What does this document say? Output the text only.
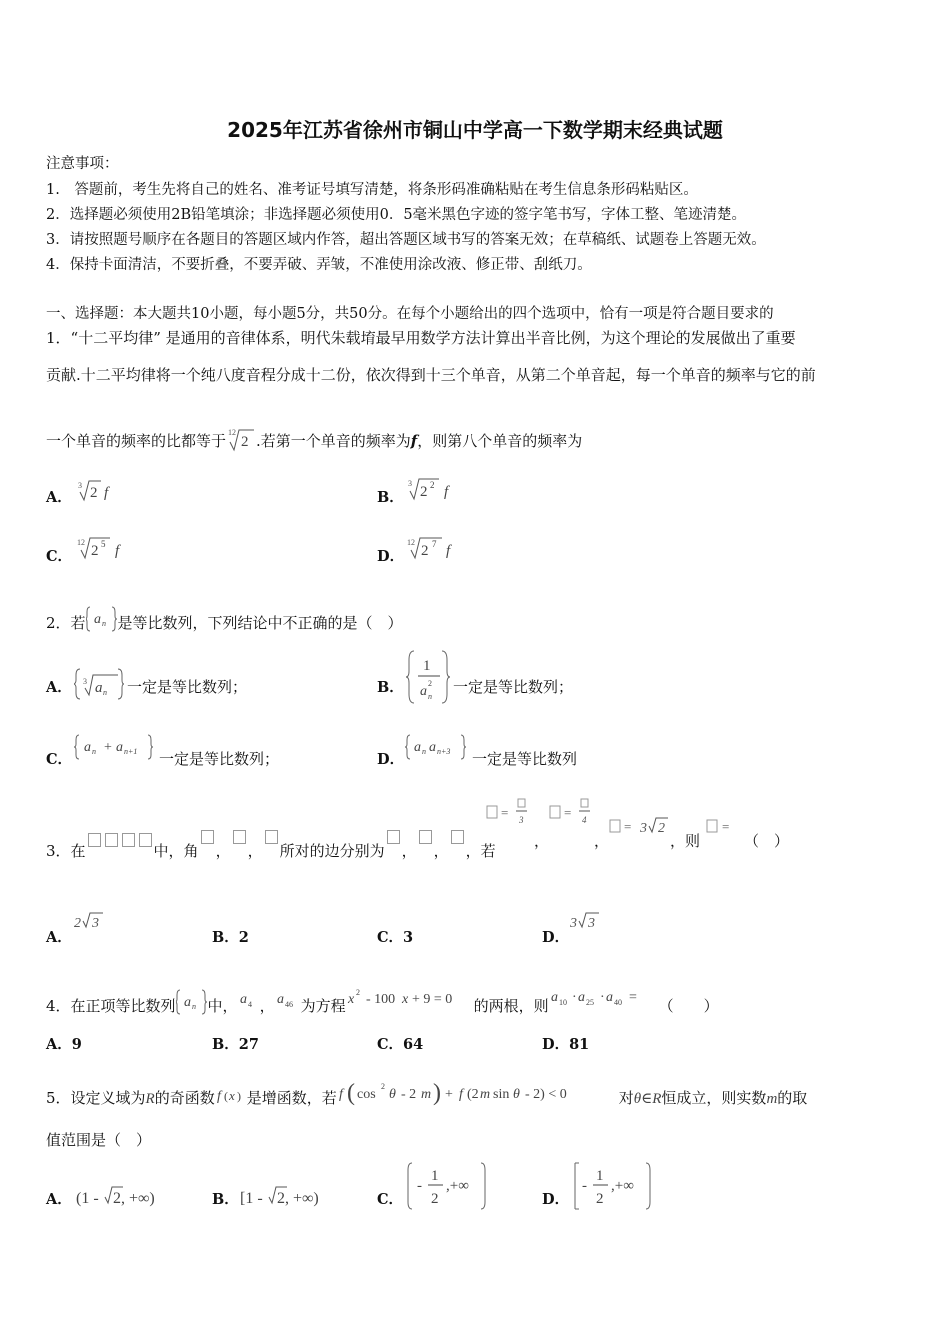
2025年江苏省徐州市铜山中学高一下数学期末经典试题
注意事项：
1.　答题前，考生先将自己的姓名、准考证号填写清楚，将条形码准确粘贴在考生信息条形码粘贴区。
2．选择题必须使用2B铅笔填涂；非选择题必须使用0．5毫米黑色字迹的签字笔书写，字体工整、笔迹清楚。
3．请按照题号顺序在各题目的答题区域内作答，超出答题区域书写的答案无效；在草稿纸、试题卷上答题无效。
4．保持卡面清洁，不要折叠，不要弄破、弄皱，不准使用涂改液、修正带、刮纸刀。
一、选择题：本大题共10小题，每小题5分，共50分。在每个小题给出的四个选项中，恰有一项是符合题目要求的
1．“十二平均律” 是通用的音律体系，明代朱载堉最早用数学方法计算出半音比例，为这个理论的发展做出了重要
贡献.十二平均律将一个纯八度音程分成十二份，依次得到十三个单音，从第二个单音起，每一个单音的频率与它的前
一个单音的频率的比都等于 12
2 .若第一个单音的频率为f，则第八个单音的频率为
A．
3 2 f	B．
3
2 2 f
C．
12
2 5 f	D．
12
2 7 f
2．若 a n 是等比数列，下列结论中不正确的是（　）
A． 3 a n 一定是等比数列；	B．
1
a
2
n
一定是等比数列；
C．
a n + a n+1 一定是等比数列；	D．
a n a n+3 一定是等比数列
3．在	中，角 ， ， 所对的边分别为 ， ， ，若
= 3
，
= 4
，
= 3 2
，则
=
（　）
A．
2 3
B．2	C．3	D．
3 3
4．在正项等比数列 a n 中， a 4 ， a 46 为方程 x 2 - 100 x + 9 = 0 的两根，则 a 10 · a 25 · a 40 = （　　）
A．9	B．27	C．64	D．81
5．设定义域为R的奇函数 f ( x ) 是增函数，若 f ( cos
2
θ - 2 m ) + f (2 m sin θ - 2) < 0	对θ∈R恒成立，则实数m的取
值范围是（　）
A． (1 - 2, +∞)	B． [1 - 2, +∞)	C．
-
1
2
,+∞
D．
-
1
2
,+∞
